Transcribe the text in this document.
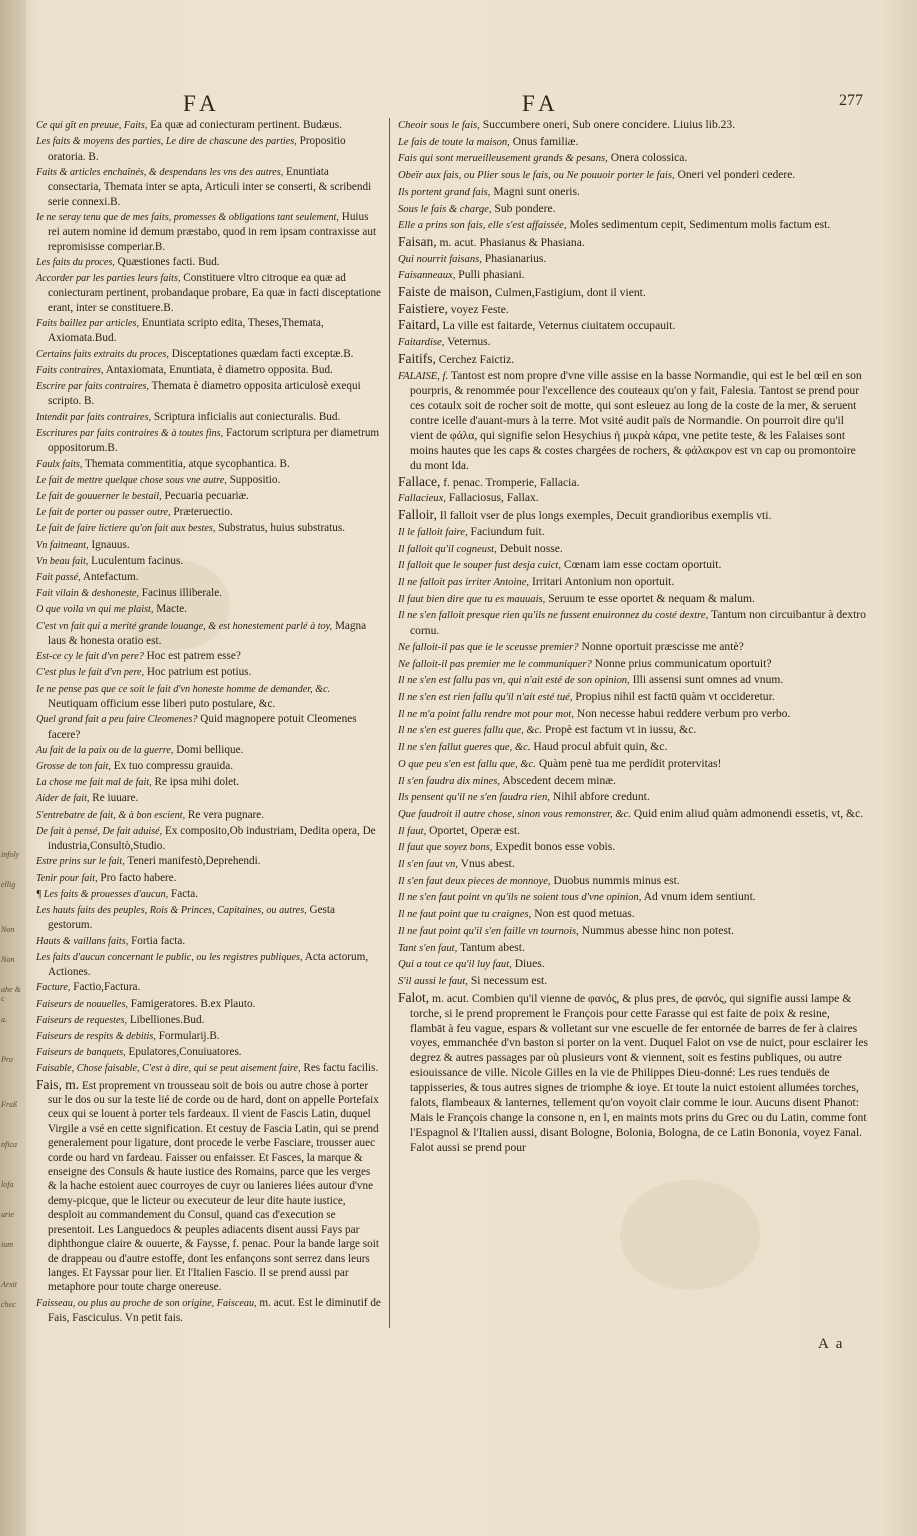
infoly
ellig
Non
Non
ahe & c
a.
Pro
Fraß
nfica
lofa
urie
ium
Arxit
chec
FA	FA	277

Ce qui gît en preuue, Faits, Ea quæ ad coniecturam pertinent. Budæus.

Les faits & moyens des parties, Le dire de chascune des parties, Propositio oratoria. B.

Faits & articles enchaînés, & despendans les vns des autres, Enuntiata consectaria, Themata inter se apta, Articuli inter se conserti, & scribendi serie connexi.B.

Ie ne seray tenu que de mes faits, promesses & obligations tant seulement, Huius rei autem nomine id demum præstabo, quod in rem ipsam contraxisse aut repromisisse comperiar.B.

Les faits du proces, Quæstiones facti. Bud.

Accorder par les parties leurs faits, Constituere vltro citroque ea quæ ad coniecturam pertinent, probandaque probare, Ea quæ in facti disceptatione erant, inter se constituere.B.

Faits baillez par articles, Enuntiata scripto edita, Theses,Themata, Axiomata.Bud.

Certains faits extraits du proces, Disceptationes quædam facti exceptæ.B.

Faits contraires, Antaxiomata, Enuntiata, è diametro opposita. Bud.

Escrire par faits contraires, Themata è diametro opposita articulosè exequi scripto. B.

Intendit par faits contraires, Scriptura inficialis aut coniecturalis. Bud.

Escritures par faits contraires & à toutes fins, Factorum scriptura per diametrum oppositorum.B.

Faulx faits, Themata commentitia, atque sycophantica. B.

Le fait de mettre quelque chose sous vne autre, Suppositio.

Le fait de gouuerner le bestail, Pecuaria pecuariæ.

Le fait de porter ou passer outre, Præteruectio.

Le fait de faire lictiere qu'on fait aux bestes, Substratus, huius substratus.

Vn faitneant, Ignauus.

Vn beau fait, Luculentum facinus.

Fait passé, Antefactum.

Fait vilain & deshoneste, Facinus illiberale.

O que voila vn qui me plaist, Macte.

C'est vn fait qui a merité grande louange, & est honestement parlé à toy, Magna laus & honesta oratio est.

Est-ce cy le fait d'vn pere? Hoc est patrem esse?

C'est plus le fait d'vn pere, Hoc patrium est potius.

Ie ne pense pas que ce soit le fait d'vn honeste homme de demander, &c. Neutiquam officium esse liberi puto postulare, &c.

Quel grand fait a peu faire Cleomenes? Quid magnopere potuit Cleomenes facere?

Au fait de la paix ou de la guerre, Domi bellique.

Grosse de ton fait, Ex tuo compressu grauida.

La chose me fait mal de fait, Re ipsa mihi dolet.

Aider de fait, Re iuuare.

S'entrebatre de fait, & à bon escient, Re vera pugnare.

De fait à pensé, De fait aduisé, Ex composito,Ob industriam, Dedita opera, De industria,Consultò,Studio.

Estre prins sur le fait, Teneri manifestò,Deprehendi.

Tenir pour fait, Pro facto habere.

¶ Les faits & prouesses d'aucun, Facta.

Les hauts faits des peuples, Rois & Princes, Capitaines, ou autres, Gesta gestorum.

Hauts & vaillans faits, Fortia facta.

Les faits d'aucun concernant le public, ou les registres publiques, Acta actorum, Actiones.

Facture, Factio,Factura.

Faiseurs de nouuelles, Famigeratores. B.ex Plauto.

Faiseurs de requestes, Libelliones.Bud.

Faiseurs de respits & debitis, Formularij.B.

Faiseurs de banquets, Epulatores,Conuiuatores.

Faisable, Chose faisable, C'est à dire, qui se peut aisement faire, Res factu facilis.

Fais, m. Est proprement vn trousseau soit de bois ou autre chose à porter sur le dos ou sur la teste lié de corde ou de hard, dont on appelle Portefaix ceux qui se louent à porter tels fardeaux. Il vient de Fascis Latin, duquel Virgile a vsé en cette signification. Et cestuy de Fascia Latin, qui se prend generalement pour ligature, dont procede le verbe Fasciare, trousser auec corde ou hard vn fardeau. Faisser ou enfaisser. Et Fasces, la marque & enseigne des Consuls & haute iustice des Romains, parce que les verges & la hache estoient auec courroyes de cuyr ou lanieres liées autour d'vne demy-picque, que le licteur ou executeur de leur dite haute iustice, desploit au commandement du Consul, quand cas d'execution se presentoit. Les Languedocs & peuples adiacents disent aussi Fays par diphthongue claire & ouuerte, & Faysse, f. penac. Pour la bande large soit de drappeau ou d'autre estoffe, dont les enfançons sont serrez dans leurs langes. Et Fayssar pour lier. Et l'Italien Fascio. Il se prend aussi par metaphore pour toute charge onereuse.

Faisseau, ou plus au proche de son origine, Faisceau, m. acut. Est le diminutif de Fais, Fasciculus. Vn petit fais.

Cheoir sous le fais, Succumbere oneri, Sub onere concidere. Liuius lib.23.

Le fais de toute la maison, Onus familiæ.

Fais qui sont merueilleusement grands & pesans, Onera colossica.

Obeïr aux fais, ou Plier sous le fais, ou Ne pouuoir porter le fais, Oneri vel ponderi cedere.

Ils portent grand fais, Magni sunt oneris.

Sous le fais & charge, Sub pondere.

Elle a prins son fais, elle s'est affaissée, Moles sedimentum cepit, Sedimentum molis factum est.

Faisan, m. acut. Phasianus & Phasiana.

Qui nourrit faisans, Phasianarius.

Faisanneaux, Pulli phasiani.

Faiste de maison, Culmen,Fastigium, dont il vient.

Faistiere, voyez Feste.

Faitard, La ville est faitarde, Veternus ciuitatem occupauit.

Faitardise, Veternus.

Faitifs, Cerchez Faictiz.

FALAISE, f. Tantost est nom propre d'vne ville assise en la basse Normandie, qui est le bel œil en son pourpris, & renommée pour l'excellence des couteaux qu'on y fait, Falesia. Tantost se prend pour ces cotaulx soit de rocher soit de motte, qui sont esleuez au long de la coste de la mer, & seruent contre icelle d'auant-murs à la terre. Mot vsité audit païs de Normandie. On pourroit dire qu'il vient de φάλα, qui signifie selon Hesychius ἡ μικρὰ κάρα, vne petite teste, & les Falaises sont moins hautes que les caps & costes chargées de rochers, & φάλακρον est vn cap ou promontoire du mont Ida.

Fallace, f. penac. Tromperie, Fallacia.

Fallacieux, Fallaciosus, Fallax.

Falloir, Il falloit vser de plus longs exemples, Decuit grandioribus exemplis vti.

Il le falloit faire, Faciundum fuit.

Il falloit qu'il cogneust, Debuit nosse.

Il falloit que le souper fust desja cuict, Cœnam iam esse coctam oportuit.

Il ne falloit pas irriter Antoine, Irritari Antonium non oportuit.

Il faut bien dire que tu es mauuais, Seruum te esse oportet & nequam & malum.

Il ne s'en falloit presque rien qu'ils ne fussent enuironnez du costé dextre, Tantum non circuibantur à dextro cornu.

Ne falloit-il pas que ie le sceusse premier? Nonne oportuit præscisse me antè?

Ne falloit-il pas premier me le communiquer? Nonne prius communicatum oportuit?

Il ne s'en est fallu pas vn, qui n'ait esté de son opinion, Illi assensi sunt omnes ad vnum.

Il ne s'en est rien fallu qu'il n'ait esté tué, Propius nihil est factū quàm vt occideretur.

Il ne m'a point fallu rendre mot pour mot, Non necesse habui reddere verbum pro verbo.

Il ne s'en est gueres fallu que, &c. Propè est factum vt in iussu, &c.

Il ne s'en fallut gueres que, &c. Haud procul abfuit quin, &c.

O que peu s'en est fallu que, &c. Quàm penè tua me perdidit protervitas!

Il s'en faudra dix mines, Abscedent decem minæ.

Ils pensent qu'il ne s'en faudra rien, Nihil abfore credunt.

Que faudroit il autre chose, sinon vous remonstrer, &c. Quid enim aliud quàm admonendi essetis, vt, &c.

Il faut, Oportet, Operæ est.

Il faut que soyez bons, Expedit bonos esse vobis.

Il s'en faut vn, Vnus abest.

Il s'en faut deux pieces de monnoye, Duobus nummis minus est.

Il ne s'en faut point vn qu'ils ne soient tous d'vne opinion, Ad vnum idem sentiunt.

Il ne faut point que tu craignes, Non est quod metuas.

Il ne faut point qu'il s'en faille vn tournois, Nummus abesse hinc non potest.

Tant s'en faut, Tantum abest.

Qui a tout ce qu'il luy faut, Diues.

S'il aussi le faut, Si necessum est.

Falot, m. acut. Combien qu'il vienne de φανός, & plus pres, de φανός, qui signifie aussi lampe & torche, si le prend proprement le François pour cette Farasse qui est faite de poix & resine, flambāt à feu vague, espars & volletant sur vne escuelle de fer entornée de barres de fer à claires voyes, emmanchée d'vn baston si porter on la vent. Duquel Falot on vse de nuict, pour esclairer les degrez & autres passages par où plusieurs vont & viennent, soit es festins publiques, ou autre esiouissance de ville. Nicole Gilles en la vie de Philippes Dieu-donné: Les rues tenduës de tappisseries, & tous autres signes de triomphe & ioye. Et toute la nuict estoient allumées torches, falots, flambeaux & lanternes, tellement qu'on voyoit clair comme le iour. Aucuns disent Phanot: Mais le François change la consone n, en l, en maints mots prins du Grec ou du Latin, comme font l'Espagnol & l'Italien aussi, disant Bologne, Bolonia, Bologna, de ce Latin Bononia, voyez Fanal. Falot aussi se prend pour

A a
